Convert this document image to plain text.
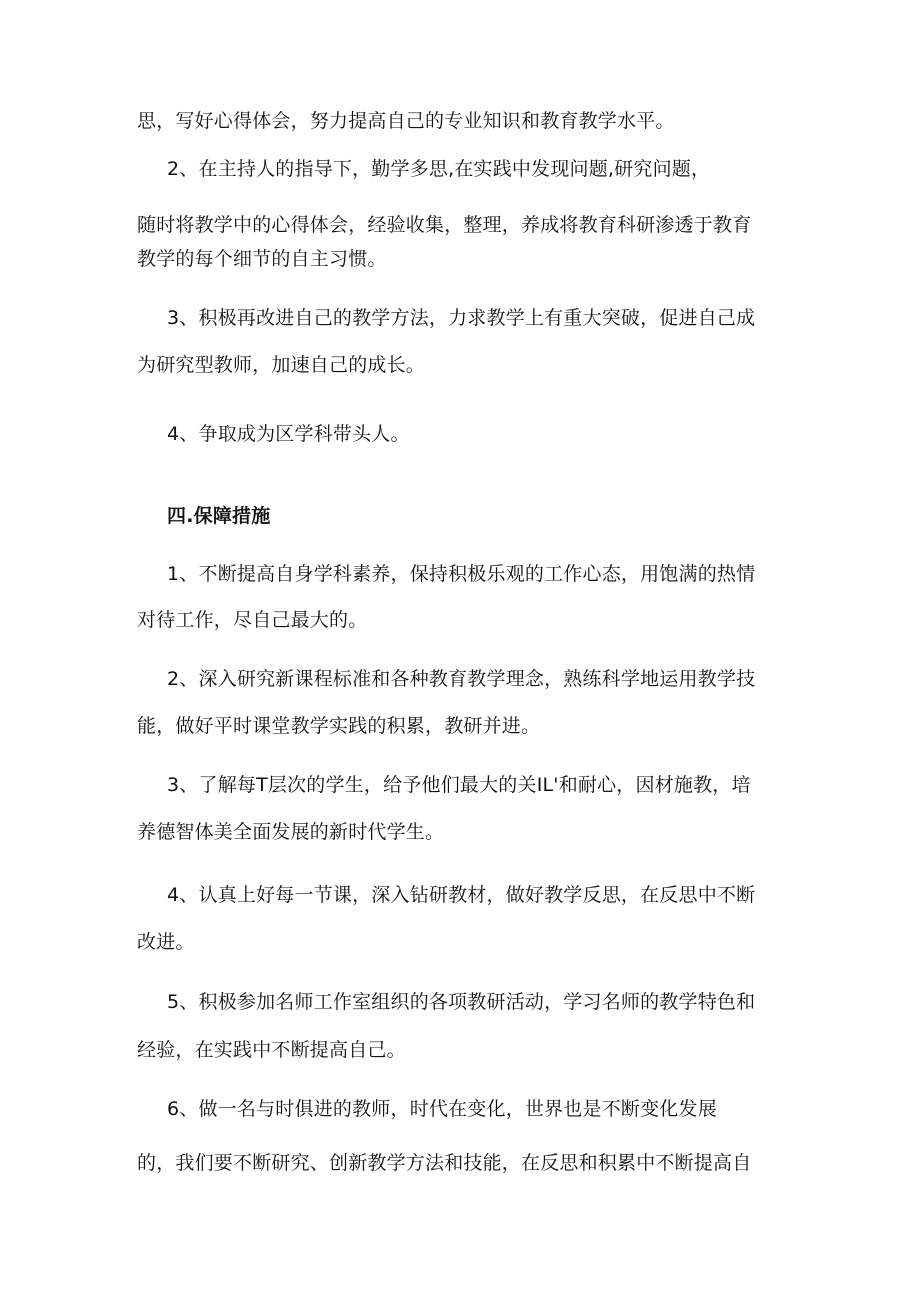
思，写好心得体会，努力提高自己的专业知识和教育教学水平。
2、在主持人的指导下，勤学多思,在实践中发现问题,研究问题，
随时将教学中的心得体会，经验收集，整理，养成将教育科研渗透于教育
教学的每个细节的自主习惯。
3、积极再改进自己的教学方法，力求教学上有重大突破，促进自己成
为研究型教师，加速自己的成长。
4、争取成为区学科带头人。
四.保障措施
1、不断提高自身学科素养，保持积极乐观的工作心态，用饱满的热情
对待工作，尽自己最大的。
2、深入研究新课程标准和各种教育教学理念，熟练科学地运用教学技
能，做好平时课堂教学实践的积累，教研并进。
3、了解每T层次的学生，给予他们最大的关IL'和耐心，因材施教，培
养德智体美全面发展的新时代学生。
4、认真上好每一节课，深入钻研教材，做好教学反思，在反思中不断
改进。
5、积极参加名师工作室组织的各项教研活动，学习名师的教学特色和
经验，在实践中不断提高自己。
6、做一名与时俱进的教师，时代在变化，世界也是不断变化发展
的，我们要不断研究、创新教学方法和技能，在反思和积累中不断提高自
